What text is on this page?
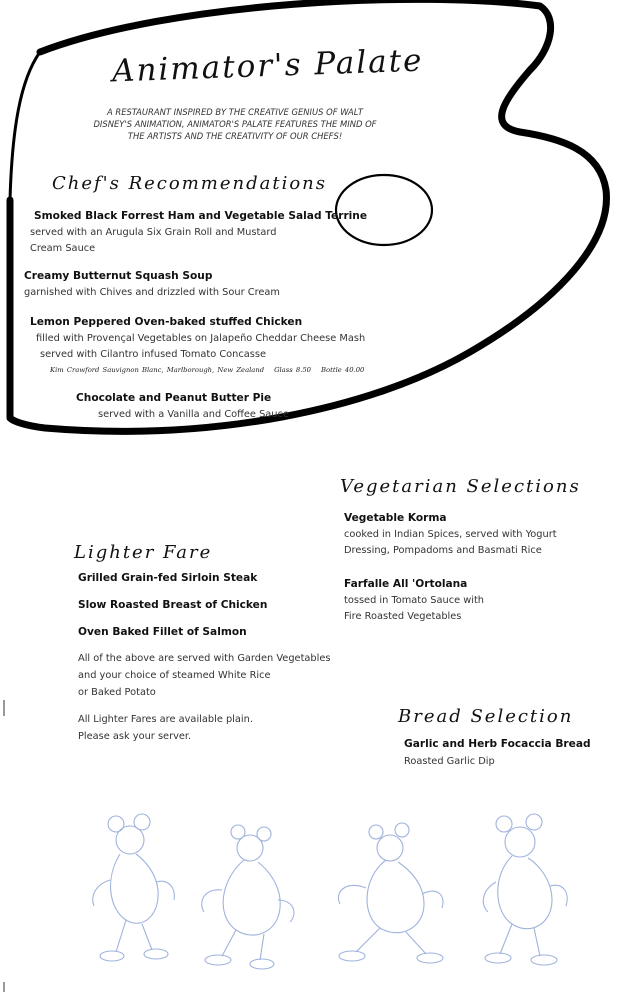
Animator's Palate
A RESTAURANT INSPIRED BY THE CREATIVE GENIUS OF WALT DISNEY'S ANIMATION, ANIMATOR'S PALATE FEATURES THE MIND OF THE ARTISTS AND THE CREATIVITY OF OUR CHEFS!
Chef's Recommendations
Smoked Black Forrest Ham and Vegetable Salad Terrine
served with an Arugula Six Grain Roll and Mustard
Cream Sauce
Creamy Butternut Squash Soup
garnished with Chives and drizzled with Sour Cream
Lemon Peppered Oven-baked stuffed Chicken
filled with Provençal Vegetables on Jalapeño Cheddar Cheese Mash
served with Cilantro infused Tomato Concasse
Kim Crawford Sauvignon Blanc, Marlborough, New Zealand Glass 8.50 Bottle 40.00
Chocolate and Peanut Butter Pie
served with a Vanilla and Coffee Sauce
Vegetarian Selections
Vegetable Korma
cooked in Indian Spices, served with Yogurt
Dressing, Pompadoms and Basmati Rice
Farfalle All 'Ortolana
tossed in Tomato Sauce with
Fire Roasted Vegetables
Lighter Fare
Grilled Grain-fed Sirloin Steak
Slow Roasted Breast of Chicken
Oven Baked Fillet of Salmon
All of the above are served with Garden Vegetables
and your choice of steamed White Rice
or Baked Potato
All Lighter Fares are available plain.
Please ask your server.
Bread Selection
Garlic and Herb Focaccia Bread
Roasted Garlic Dip
